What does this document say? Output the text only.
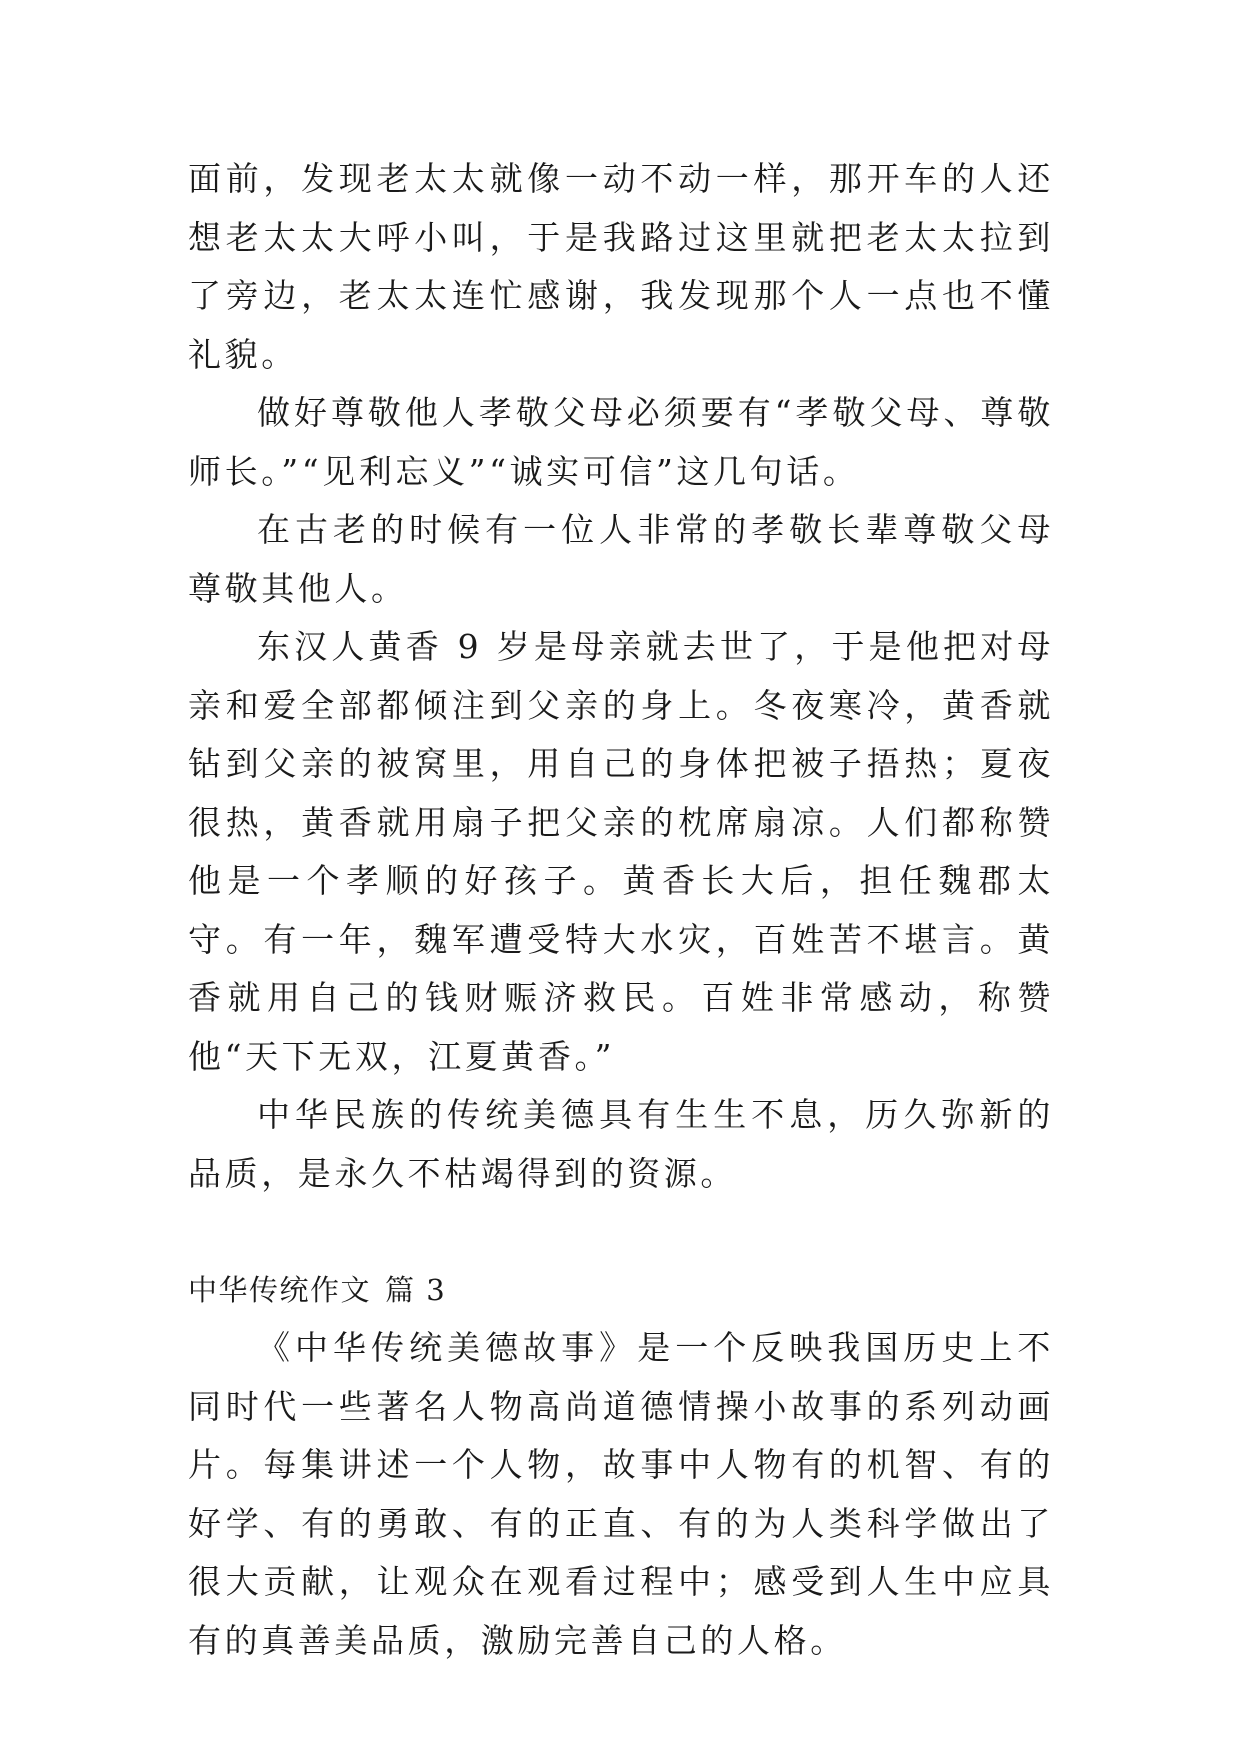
面前，发现老太太就像一动不动一样，那开车的人还想老太太大呼小叫，于是我路过这里就把老太太拉到了旁边，老太太连忙感谢，我发现那个人一点也不懂礼貌。

做好尊敬他人孝敬父母必须要有“孝敬父母、尊敬师长。”“见利忘义”“诚实可信”这几句话。

在古老的时候有一位人非常的孝敬长辈尊敬父母尊敬其他人。

东汉人黄香 9 岁是母亲就去世了，于是他把对母亲和爱全部都倾注到父亲的身上。冬夜寒冷，黄香就钻到父亲的被窝里，用自己的身体把被子捂热；夏夜很热，黄香就用扇子把父亲的枕席扇凉。人们都称赞他是一个孝顺的好孩子。黄香长大后，担任魏郡太守。有一年，魏军遭受特大水灾，百姓苦不堪言。黄香就用自己的钱财赈济救民。百姓非常感动，称赞他“天下无双，江夏黄香。”

中华民族的传统美德具有生生不息，历久弥新的品质，是永久不枯竭得到的资源。

中华传统作文 篇 3

《中华传统美德故事》是一个反映我国历史上不同时代一些著名人物高尚道德情操小故事的系列动画片。每集讲述一个人物，故事中人物有的机智、有的好学、有的勇敢、有的正直、有的为人类科学做出了很大贡献，让观众在观看过程中；感受到人生中应具有的真善美品质，激励完善自己的人格。
